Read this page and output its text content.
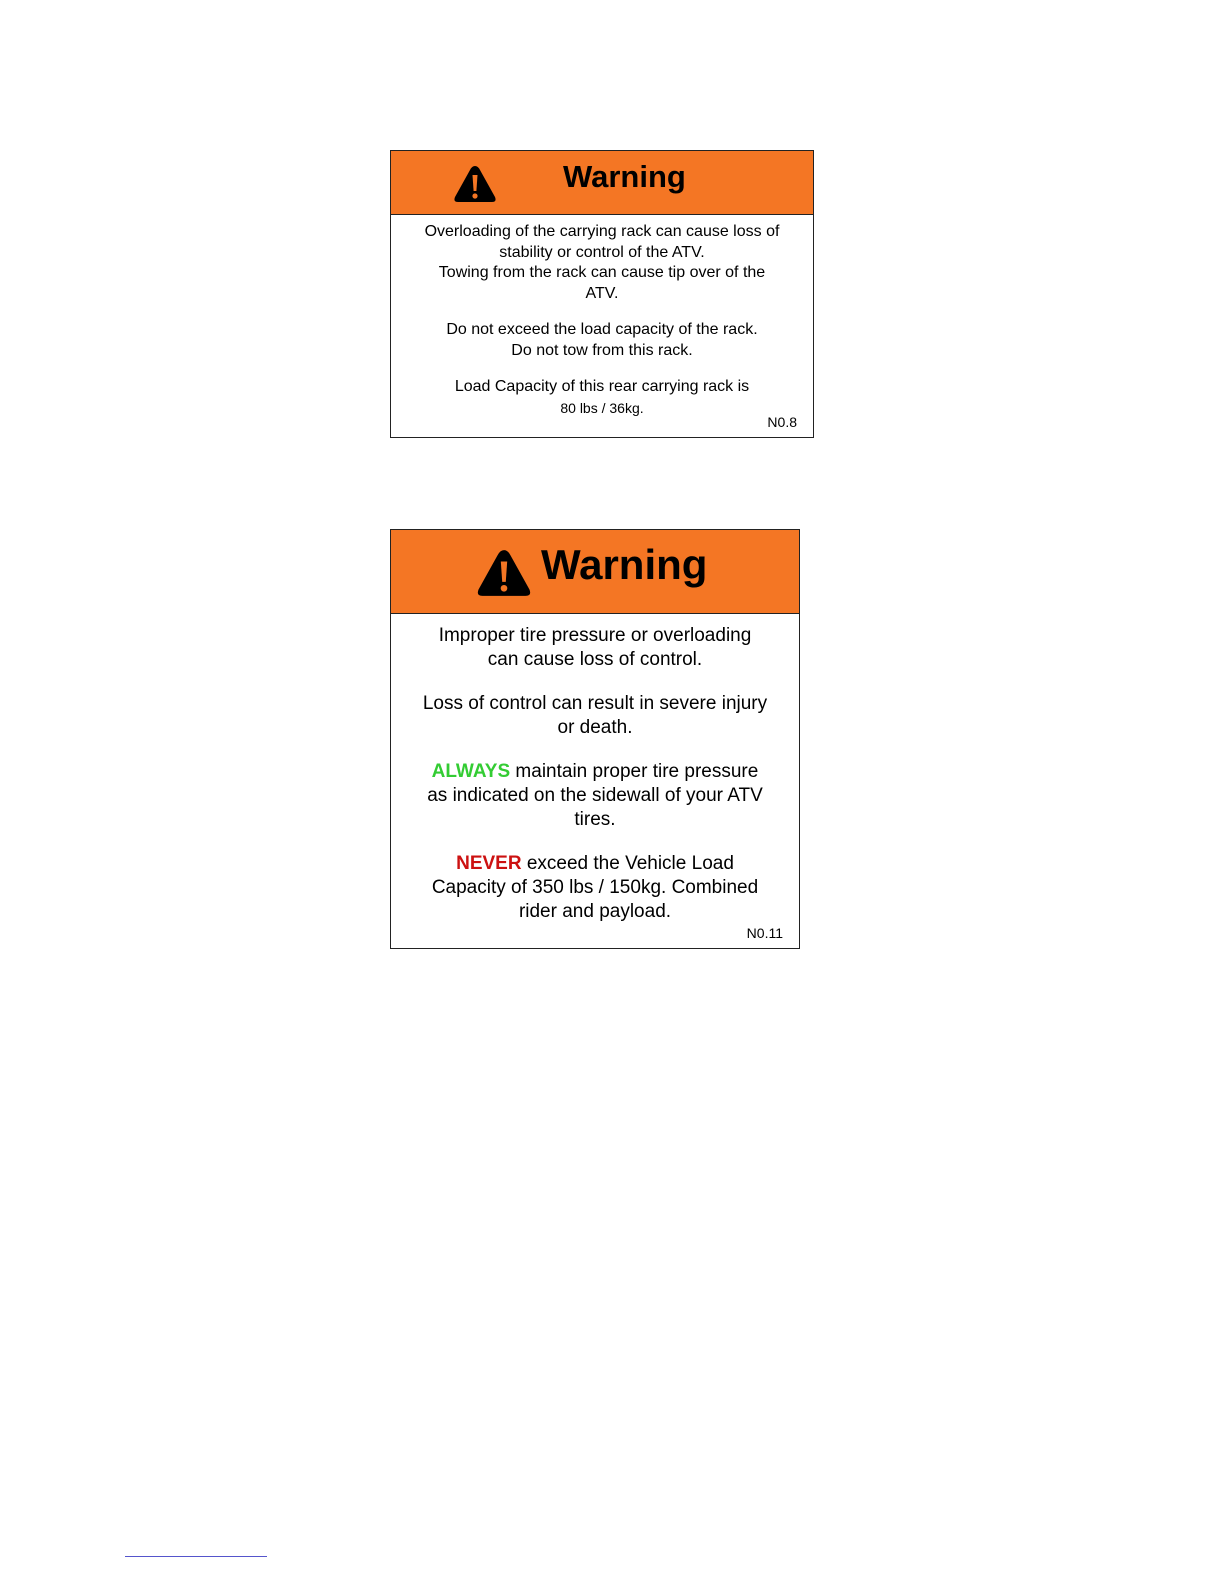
Warning

Overloading of the carrying rack can cause loss of

stability or control of the ATV.

Towing from the rack can cause tip over of the

ATV.

Do not exceed the load capacity of the rack.

Do not tow from this rack.

Load Capacity of this rear carrying rack is

80 lbs / 36kg.

N0.8
Warning

Improper tire pressure or overloading

can cause loss of control.

Loss of control can result in severe injury

or death.

ALWAYS maintain proper tire pressure

as indicated on the sidewall of your ATV

tires.

NEVER exceed the Vehicle Load

Capacity of 350 lbs / 150kg. Combined

rider and payload.

N0.11
